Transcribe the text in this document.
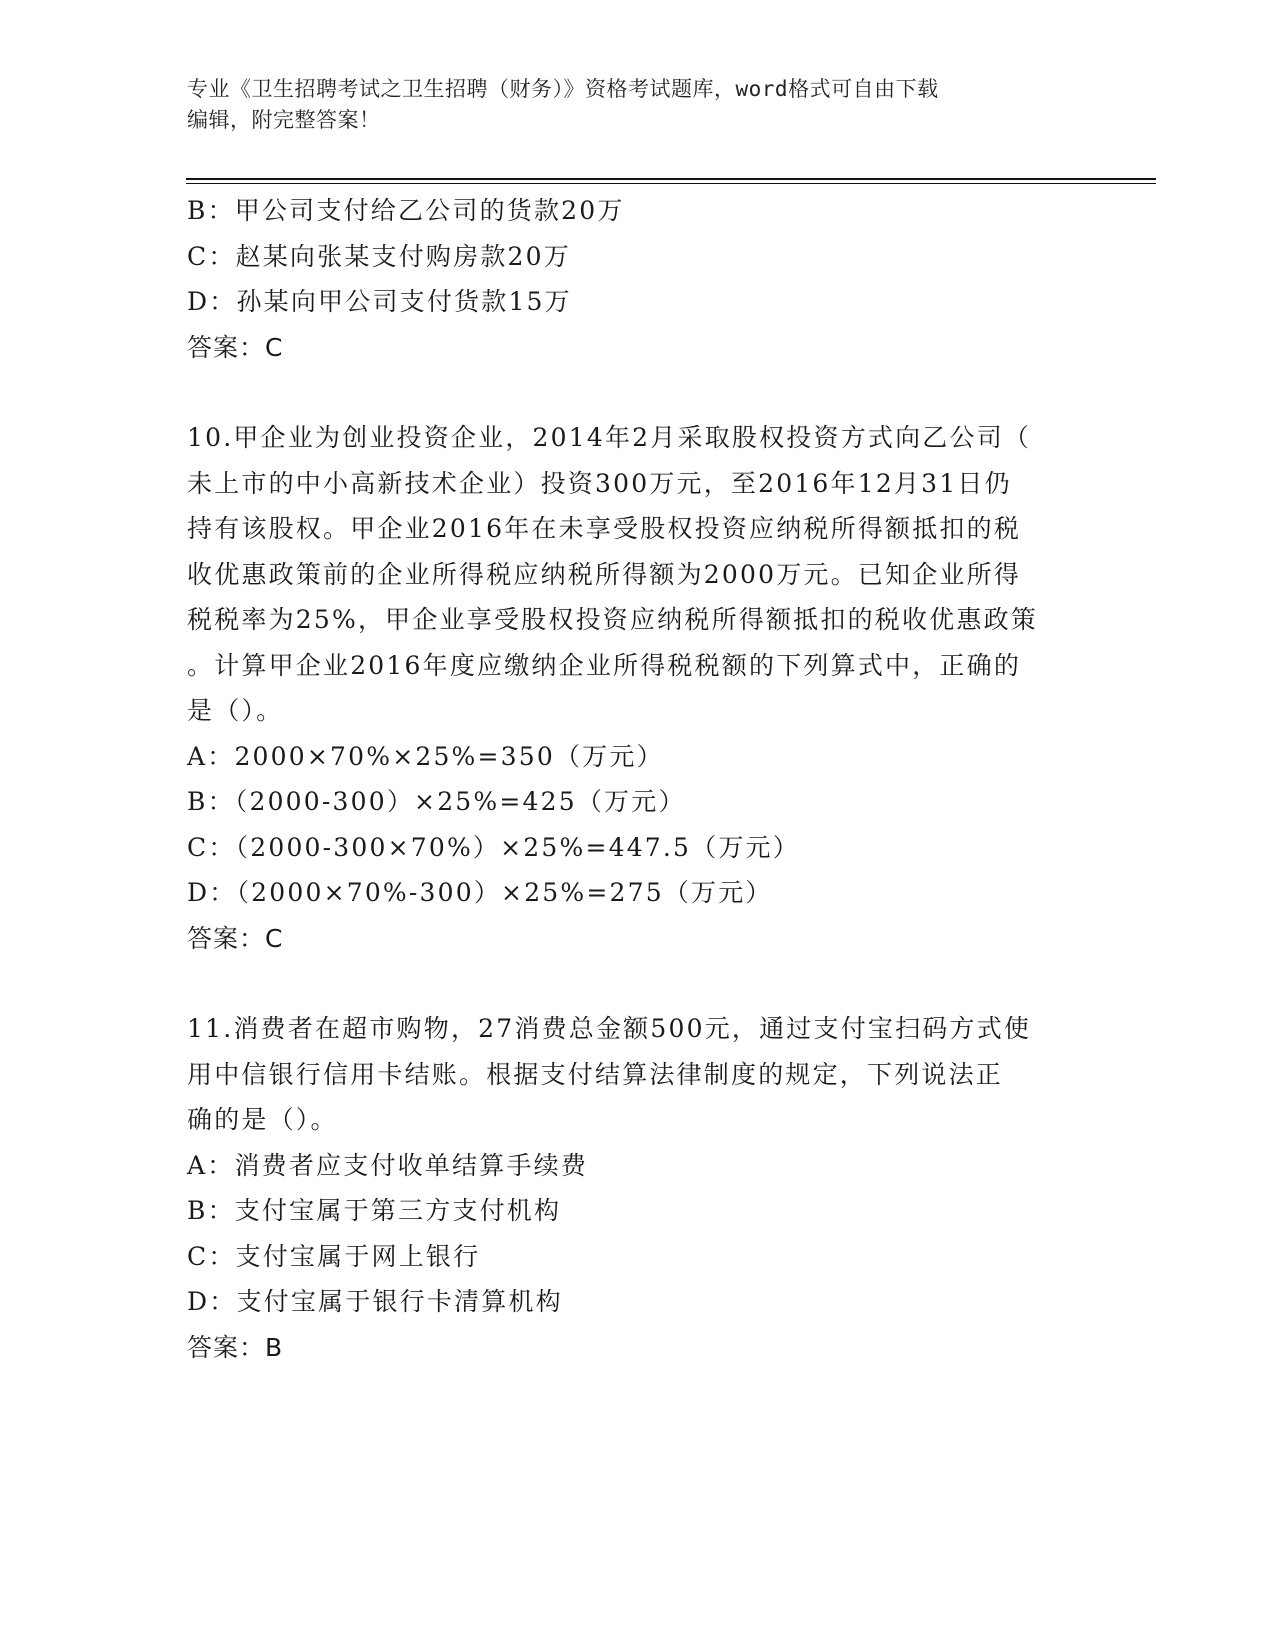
专业《卫生招聘考试之卫生招聘（财务）》资格考试题库，word格式可自由下载
编辑，附完整答案！
B：甲公司支付给乙公司的货款20万
C：赵某向张某支付购房款20万
D：孙某向甲公司支付货款15万
答案：C
10.甲企业为创业投资企业，2014年2月采取股权投资方式向乙公司（
未上市的中小高新技术企业）投资300万元，至2016年12月31日仍
持有该股权。甲企业2016年在未享受股权投资应纳税所得额抵扣的税
收优惠政策前的企业所得税应纳税所得额为2000万元。已知企业所得
税税率为25%，甲企业享受股权投资应纳税所得额抵扣的税收优惠政策
。计算甲企业2016年度应缴纳企业所得税税额的下列算式中，正确的
是（）。
A：2000×70%×25%=350（万元）
B：（2000-300）×25%=425（万元）
C：（2000-300×70%）×25%=447.5（万元）
D：（2000×70%-300）×25%=275（万元）
答案：C
11.消费者在超市购物，27消费总金额500元，通过支付宝扫码方式使
用中信银行信用卡结账。根据支付结算法律制度的规定，下列说法正
确的是（）。
A：消费者应支付收单结算手续费
B：支付宝属于第三方支付机构
C：支付宝属于网上银行
D：支付宝属于银行卡清算机构
答案：B
